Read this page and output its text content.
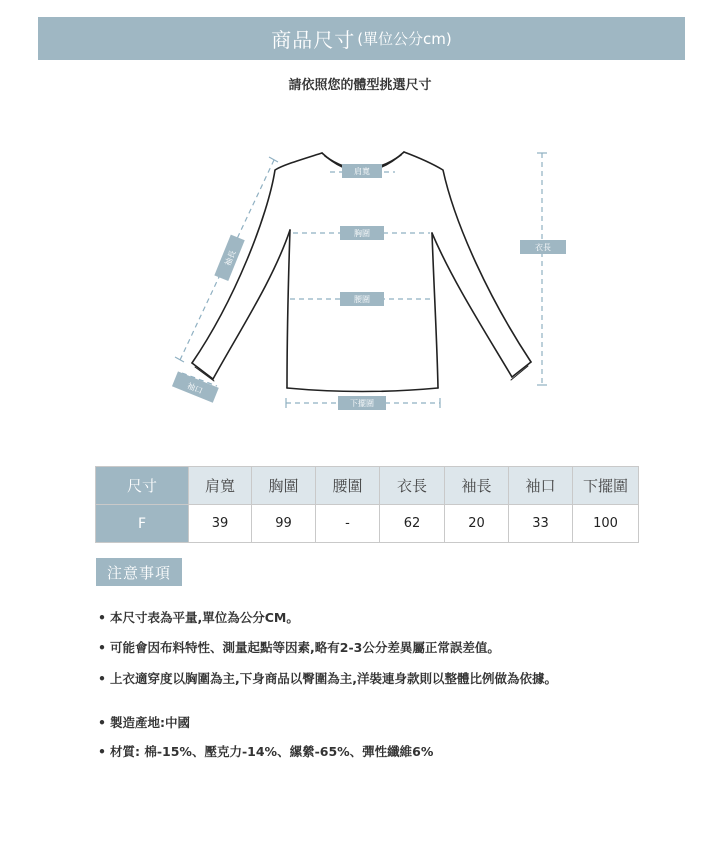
商品尺寸 (單位公分cm)
請依照您的體型挑選尺寸
肩寬
胸圍
腰圍
衣長
下擺圍
袖長
袖口
尺寸	肩寬	胸圍	腰圍	衣長	袖長	袖口	下擺圍
F	39	99	-	62	20	33	100
注意事項
• 本尺寸表為平量,單位為公分CM。
• 可能會因布料特性、測量起點等因素,略有2-3公分差異屬正常誤差值。
• 上衣適穿度以胸圍為主,下身商品以臀圍為主,洋裝連身款則以整體比例做為依據。
• 製造產地:中國
• 材質: 棉-15%、壓克力-14%、縲縈-65%、彈性纖維6%
